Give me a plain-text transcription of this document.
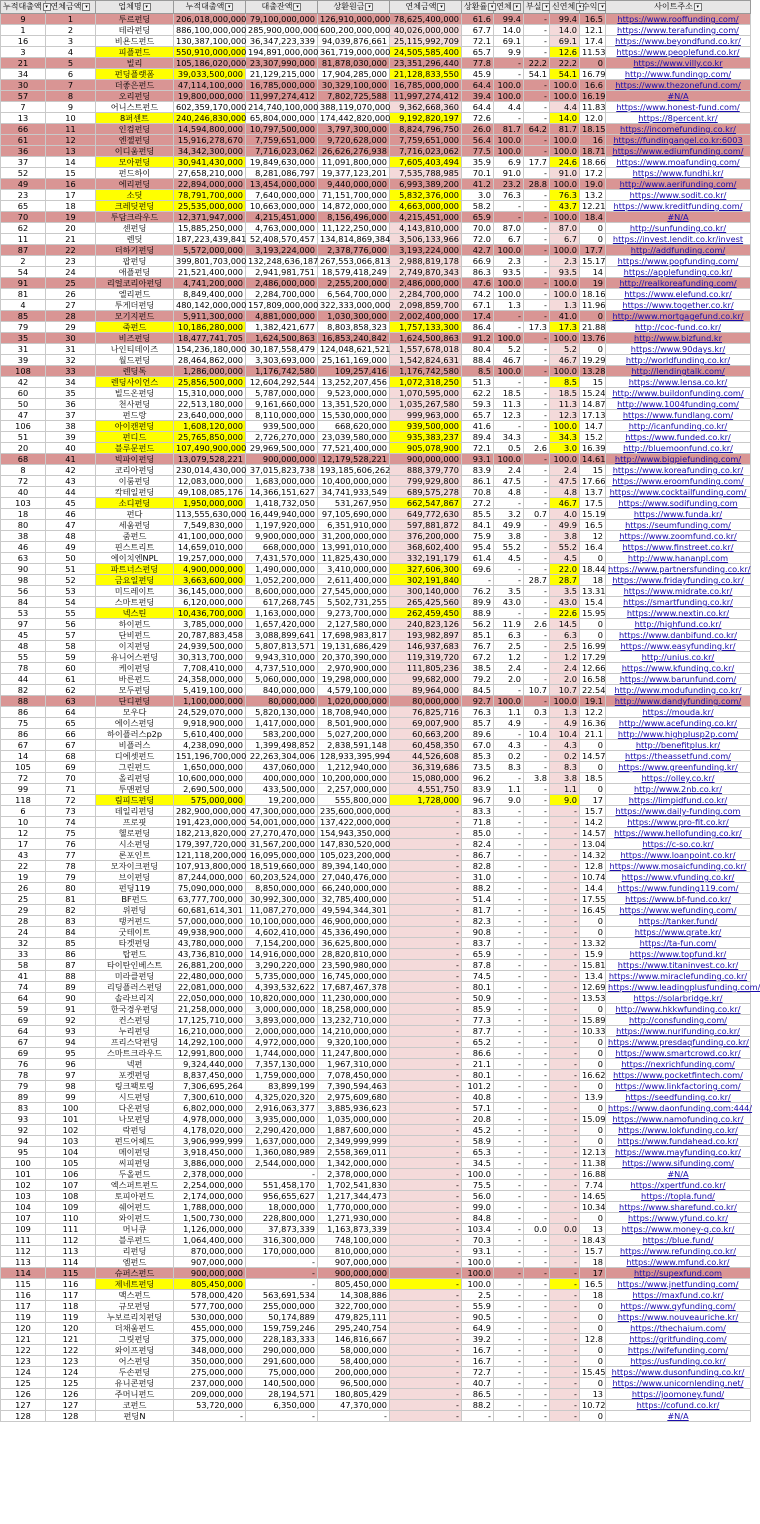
누적대출액 ▾	연체금액 ▾	업체명 ▾	누적대출액 ▾	대출잔액 ▾	상환원금 ▾	연체금액 ▾	상환률 ▾	연체 ▾	부실 ▾	신연체 ▾	수익 ▾	사이트주소 ▾
9	1	투르펀딩	206,018,000,000	79,100,000,000	126,910,000,000	78,625,400,000	61.6	99.4	-	99.4	16.5	https://www.rooffunding.com/
1	2	테라펀딩	886,100,000,000	285,900,000,000	600,200,000,000	40,026,000,000	67.7	14.0	-	14.0	12.1	https://www.terafunding.com/
16	3	비욘드펀드	130,387,100,000	36,347,223,339	94,039,876,661	25,115,992,709	72.1	69.1	-	69.1	17.4	https://www.beyondfund.co.kr/
3	4	피플펀드	550,910,000,000	194,891,000,000	361,719,000,000	24,505,585,400	65.7	9.9	-	12.6	11.53	https://www.peoplefund.co.kr/
21	5	빌리	105,186,020,000	23,307,990,000	81,878,030,000	23,351,296,440	77.8	-	22.2	22.2	0	https://www.villy.co.kr
34	6	펀딩플랫폼	39,033,500,000	21,129,215,000	17,904,285,000	21,128,833,550	45.9	-	54.1	54.1	16.79	http://www.fundingp.com/
30	7	더좋은펀드	47,114,100,000	16,785,000,000	30,329,100,000	16,785,000,000	64.4	100.0	-	100.0	16.6	https://www.thezonefund.com/
57	8	오리펀딩	19,800,000,000	11,997,274,412	7,802,725,588	11,997,274,412	39.4	100.0	-	100.0	16.19	#N/A
7	9	어니스트펀드	602,359,170,000	214,740,100,000	388,119,070,000	9,362,668,360	64.4	4.4	-	4.4	11.83	https://www.honest-fund.com/
13	10	8퍼센트	240,246,830,000	65,804,000,000	174,442,820,000	9,192,820,197	72.6	-	-	14.0	12.0	https://8percent.kr/
66	11	인컴펀딩	14,594,800,000	10,797,500,000	3,797,300,000	8,824,796,750	26.0	81.7	64.2	81.7	18.15	https://incomefunding.co.kr/
61	12	엔젤펀딩	15,916,278,670	7,759,651,000	9,720,628,000	7,759,651,000	56.4	100.0	-	100.0	16	https://fundingangel.co.kr:6003
36	13	이디움펀딩	34,342,300,000	7,716,023,062	26,626,276,938	7,716,023,062	77.5	100.0	-	100.0	18.71	https://www.ediumfunding.com/
37	14	모아펀딩	30,941,430,000	19,849,630,000	11,091,800,000	7,605,403,494	35.9	6.9	17.7	24.6	18.66	https://www.moafunding.com/
52	15	펀드하이	27,658,210,000	8,281,086,797	19,377,123,201	7,535,788,985	70.1	91.0	-	91.0	17.2	https://www.fundhi.kr/
49	16	에리펀딩	22,894,000,000	13,454,000,000	9,440,000,000	6,993,389,200	41.2	23.2	28.8	100.0	19.0	http://www.aerifunding.com/
23	17	소딧	78,791,700,000	7,640,000,000	71,151,700,000	5,832,376,000	3.0	76.3	-	76.3	13.2	https://www.sodit.co.kr/
65	18	크레딧펀딩	25,535,000,000	10,663,000,000	14,872,000,000	4,663,000,000	58.2	-	-	43.7	12.21	https://www.kreditfunding.com/
70	19	투담크라우드	12,371,947,000	4,215,451,000	8,156,496,000	4,215,451,000	65.9	-	-	100.0	18.4	#N/A
62	20	센펀딩	15,885,250,000	4,763,000,000	11,122,250,000	4,143,810,000	70.0	87.0	-	87.0	0	http://sunfunding.co.kr/
11	21	렌딧	187,223,439,841	52,408,570,457	134,814,869,384	3,506,133,966	72.0	6.7	-	6.7	0	https://invest.lendit.co.kr/invest
87	22	더하기펀딩	5,572,000,000	3,193,224,000	2,378,776,000	3,193,224,000	42.7	100.0	-	100.0	17.7	http://addfunding.com/
2	23	팝펀딩	399,801,703,000	132,248,636,187	267,553,066,813	2,988,819,178	66.9	2.3	-	2.3	15.17	https://www.popfunding.com/
54	24	애플펀딩	21,521,400,000	2,941,981,751	18,579,418,249	2,749,870,343	86.3	93.5	-	93.5	14	https://applefunding.co.kr/
91	25	리얼코리아펀딩	4,741,200,000	2,486,000,000	2,255,200,000	2,486,000,000	47.6	100.0	-	100.0	19	http://realkoreafunding.com/
81	26	엘리펀드	8,849,400,000	2,284,700,000	6,564,700,000	2,284,700,000	74.2	100.0	-	100.0	18.16	https://www.elefund.co.kr/
4	27	투게더펀딩	480,142,000,000	157,809,000,000	322,333,000,000	2,098,859,700	67.1	1.3	-	1.3	11.96	https://www.together.co.kr/
85	28	모기지펀드	5,911,300,000	4,881,000,000	1,030,300,000	2,002,400,000	17.4	-	-	41.0	0	http://www.mortgagefund.co.kr/
79	29	죽펀드	10,186,280,000	1,382,421,677	8,803,858,323	1,757,133,300	86.4	-	17.3	17.3	21.88	http://coc-fund.co.kr/
35	30	비즈펀딩	18,477,741,705	1,624,500,863	16,853,240,842	1,624,500,863	91.2	100.0	-	100.0	13.76	http://www.bizfund.kr
31	31	나인티데이즈	154,236,180,000	30,187,558,479	124,048,621,521	1,557,678,018	80.4	5.2	-	5.2	0	https://www.90days.kr/
39	32	월드펀딩	28,464,862,000	3,303,693,000	25,161,169,000	1,542,824,631	88.4	46.7	-	46.7	19.29	http://worldfunding.co.kr/
108	33	렌딩톡	1,286,000,000	1,176,742,580	109,257,416	1,176,742,580	8.5	100.0	-	100.0	13.28	http://lendingtalk.com/
42	34	렌딩사이언스	25,856,500,000	12,604,292,544	13,252,207,456	1,072,318,250	51.3	-	-	8.5	15	https://www.lensa.co.kr/
60	35	빌드온펀딩	15,310,000,000	5,787,000,000	9,523,000,000	1,070,595,000	62.2	18.5	-	18.5	15.24	http://www.buildonfunding.com/
50	36	천사펀딩	22,513,180,000	9,161,660,000	13,351,520,000	1,035,267,580	59.3	11.3	-	11.3	14.87	http://www.1004funding.com/
47	37	펀드랑	23,640,000,000	8,110,000,000	15,530,000,000	999,963,000	65.7	12.3	-	12.3	17.13	https://www.fundlang.com/
106	38	아이캔펀딩	1,608,120,000	939,500,000	668,620,000	939,500,000	41.6	-	-	100.0	14.7	http://icanfunding.co.kr/
51	39	펀디드	25,765,850,000	2,726,270,000	23,039,580,000	935,383,237	89.4	34.3	-	34.3	15.2	https://www.funded.co.kr/
20	40	블루문펀드	107,490,900,000	29,969,500,000	77,521,400,000	905,078,900	72.1	0.5	2.6	3.0	16.39	http://bluemoonfund.co.kr/
68	41	빅파이펀딩	13,079,528,221	900,000,000	12,179,528,221	900,000,000	93.1	100.0	-	100.0	14.61	http://www.bigpiefunding.com/
8	42	코리아펀딩	230,014,430,000	37,015,823,738	193,185,606,262	888,379,770	83.9	2.4	-	2.4	15	https://www.koreafunding.co.kr/
72	43	이룸펀딩	12,083,000,000	1,683,000,000	10,400,000,000	799,929,800	86.1	47.5	-	47.5	17.66	https://www.eroomfunding.com/
40	44	칵테일펀딩	49,108,085,176	14,366,151,627	34,741,933,549	689,575,278	70.8	4.8	-	4.8	13.7	https://www.cocktailfunding.com/
103	45	소디펀딩	1,950,000,000	1,418,732,050	531,267,950	662,547,867	27.2	-	-	46.7	17.5	https://www.sodifunding.com
18	46	펀다	113,555,630,000	16,449,940,000	97,105,690,000	649,772,630	85.5	3.2	0.7	4.0	15.19	https://www.funda.kr/
80	47	세움펀딩	7,549,830,000	1,197,920,000	6,351,910,000	597,881,872	84.1	49.9	-	49.9	16.5	https://seumfunding.com/
38	48	줌펀드	41,100,000,000	9,900,000,000	31,200,000,000	376,200,000	75.9	3.8	-	3.8	12	https://www.zoomfund.co.kr/
46	49	핀스트리트	14,659,010,000	668,000,000	13,991,010,000	368,602,400	95.4	55.2	-	55.2	16.4	https://www.finstreet.co.kr/
63	50	에이치엔NPL	19,257,000,000	7,431,570,000	11,825,430,000	332,191,179	61.4	4.5	-	4.5	0	http://www.hananpl.com
90	51	파트너스펀딩	4,900,000,000	1,490,000,000	3,410,000,000	327,606,300	69.6	-	-	22.0	18.44	https://www.partnersfunding.co.kr/
98	52	금요일펀딩	3,663,600,000	1,052,200,000	2,611,400,000	302,191,840	-	-	28.7	28.7	18	https://www.fridayfunding.co.kr/
56	53	미드레이트	36,145,000,000	8,600,000,000	27,545,000,000	300,140,000	76.2	3.5	-	3.5	13.31	https://www.midrate.co.kr/
84	54	스마트펀딩	6,120,000,000	617,268,745	5,502,731,255	265,425,560	89.9	43.0	-	43.0	15.4	https://smartfunding.co.kr/
53	55	넥스틴	10,436,700,000	1,163,000,000	9,273,700,000	262,459,450	88.9	-	-	22.6	15.95	https://www.nextin.co.kr/
97	56	하이펀드	3,785,000,000	1,657,420,000	2,127,580,000	240,823,126	56.2	11.9	2.6	14.5	0	http://highfund.co.kr/
45	57	단비펀드	20,787,883,458	3,088,899,641	17,698,983,817	193,982,897	85.1	6.3	-	6.3	0	https://www.danbifund.co.kr/
48	58	이지펀딩	24,939,500,000	5,807,813,571	19,131,686,429	146,937,683	76.7	2.5	-	2.5	16.99	https://www.easyfunding.kr/
55	59	유니어스펀딩	30,313,700,000	9,943,310,000	20,370,390,000	119,319,720	67.2	1.2	-	1.2	17.29	http://unius.co.kr/
78	60	케이펀딩	7,708,410,000	4,737,510,000	2,970,900,000	111,805,236	38.5	2.4	-	2.4	12.66	https://www.kfunding.co.kr/
44	61	바른펀드	24,358,000,000	5,060,000,000	19,298,000,000	99,682,000	79.2	2.0	-	2.0	16.58	https://www.barunfund.com/
82	62	모두펀딩	5,419,100,000	840,000,000	4,579,100,000	89,964,000	84.5	-	10.7	10.7	22.54	http://www.modufunding.co.kr/
88	63	단디펀딩	1,100,000,000	80,000,000	1,020,000,000	80,000,000	92.7	100.0	-	100.0	19.1	http://www.dandyfunding.com/
86	64	모우다	24,529,070,000	5,820,130,000	18,708,940,000	76,825,716	76.3	1.1	0.3	1.3	12.2	https://mouda.kr/
75	65	에이스펀딩	9,918,900,000	1,417,000,000	8,501,900,000	69,007,900	85.7	4.9	-	4.9	16.36	http://www.acefunding.co.kr/
86	66	하이플러스p2p	5,610,400,000	583,200,000	5,027,200,000	60,663,200	89.6	-	10.4	10.4	21.1	http://www.highplusp2p.com/
67	67	비플러스	4,238,090,000	1,399,498,852	2,838,591,148	60,458,350	67.0	4.3	-	4.3	0	http://benefitplus.kr/
14	68	디에셋펀드	151,196,700,000	22,263,304,006	128,933,395,994	44,526,608	85.3	0.2	-	0.2	14.57	https://theassetfund.com/
105	69	그린펀드	1,650,000,000	437,060,000	1,212,940,000	36,319,686	73.5	8.3	-	8.3	0	https://www.greenfunding.kr/
72	70	올리펀딩	10,600,000,000	400,000,000	10,200,000,000	15,080,000	96.2	-	3.8	3.8	18.5	https://olley.co.kr/
99	71	투맨펀딩	2,690,500,000	433,500,000	2,257,000,000	4,551,750	83.9	1.1	-	1.1	0	http://www.2nb.co.kr/
118	72	림피드펀딩	575,000,000	19,200,000	555,800,000	1,728,000	96.7	9.0	-	9.0	17	https://limpidfund.co.kr/
6	73	데일리펀딩	282,900,000,000	47,300,000,000	235,600,000,000	-	83.3	-	-	-	15.7	https://www.daily-funding.com
10	74	프로핏	191,423,000,000	54,001,000,000	137,422,000,000	-	71.8	-	-	-	14.2	https://www.pro-fit.co.kr/
12	75	헬로펀딩	182,213,820,000	27,270,470,000	154,943,350,000	-	85.0	-	-	-	14.57	https://www.hellofunding.co.kr/
17	76	시소펀딩	179,397,720,000	31,567,200,000	147,830,520,000	-	82.4	-	-	-	13.04	https://c-so.co.kr/
43	77	론포인트	121,118,200,000	16,095,000,000	105,023,200,000	-	86.7	-	-	-	14.32	https://www.loanpoint.co.kr/
22	78	모자이크펀딩	107,913,800,000	18,519,660,000	89,394,140,000	-	82.8	-	-	-	12.8	https://www.mosaicfunding.co.kr/
19	79	브이펀딩	87,244,000,000	60,203,524,000	27,040,476,000	-	31.0	-	-	-	10.74	https://www.vfunding.co.kr/
26	80	펀딩119	75,090,000,000	8,850,000,000	66,240,000,000	-	88.2	-	-	-	14.4	https://www.funding119.com/
25	81	BF펀드	63,777,700,000	30,992,300,000	32,785,400,000	-	51.4	-	-	-	17.55	https://www.bf-fund.co.kr/
29	82	위펀딩	60,681,614,301	11,087,270,000	49,594,344,301	-	81.7	-	-	-	16.45	https://www.wefunding.com/
28	83	탱커펀드	57,000,000,000	10,100,000,000	46,900,000,000	-	82.3	-	-	-	0	https://tanker.fund/
24	84	굿테이트	49,938,900,000	4,602,410,000	45,336,490,000	-	90.8	-	-	-	0	https://www.qrate.kr/
32	85	타겟펀딩	43,780,000,000	7,154,200,000	36,625,800,000	-	83.7	-	-	-	13.32	https://ta-fun.com/
33	86	탑펀드	43,736,810,000	14,916,000,000	28,820,810,000	-	65.9	-	-	-	15.9	https://www.topfund.kr/
58	87	타이탄인베스트	26,881,200,000	3,290,220,000	23,590,980,000	-	87.8	-	-	-	15.81	https://www.titaninvest.co.kr/
41	88	미라클펀딩	22,480,000,000	5,735,000,000	16,745,000,000	-	74.5	-	-	-	13.4	https://www.miraclefunding.co.kr/
74	89	리딩플러스펀딩	22,081,000,000	4,393,532,622	17,687,467,378	-	80.1	-	-	-	12.69	https://www.leadingplusfunding.com/
64	90	솔라브리지	22,050,000,000	10,820,000,000	11,230,000,000	-	50.9	-	-	-	13.53	https://solarbridge.kr/
59	91	한국경우펀딩	21,258,000,000	3,000,000,000	18,258,000,000	-	85.9	-	-	-	0	http://www.hkkwfunding.co.kr/
69	92	컨스펀딩	17,125,710,000	3,893,000,000	13,232,710,000	-	77.3	-	-	-	15.89	http://consfunding.com/
64	93	누리펀딩	16,210,000,000	2,000,000,000	14,210,000,000	-	87.7	-	-	-	10.33	https://www.nurifunding.co.kr/
67	94	프리스닥펀딩	14,292,100,000	4,972,000,000	9,320,100,000	-	65.2	-	-	-	0	https://www.presdaqfunding.co.kr/
69	95	스마트크라우드	12,991,800,000	1,744,000,000	11,247,800,000	-	86.6	-	-	-	0	https://www.smartcrowd.co.kr/
76	96	넥펀	9,324,440,000	7,357,130,000	1,967,310,000	-	21.1	-	-	-	0	https://nexrichfunding.com/
78	97	포켓펀딩	8,837,450,000	1,759,000,000	7,078,450,000	-	80.1	-	-	-	16.62	https://www.pocketfintech.com/
79	98	링크팩토링	7,306,695,264	83,899,199	7,390,594,463	-	101.2	-	-	-	0	https://www.linkfactoring.com/
89	99	시드펀딩	7,300,610,000	4,325,020,320	2,975,609,680	-	40.8	-	-	-	13.9	https://seedfunding.co.kr/
83	100	다온펀딩	6,802,000,000	2,916,063,377	3,885,936,623	-	57.1	-	-	-	0	https://www.daonfunding.com:444/
93	101	나모펀딩	4,978,000,000	3,935,000,000	1,035,000,000	-	20.8	-	-	-	15.09	https://www.namofunding.co.kr/
92	102	락펀딩	4,178,020,000	2,290,420,000	1,887,600,000	-	45.2	-	-	-	0	https://www.lokfunding.co.kr/
94	103	펀드어헤드	3,906,999,999	1,637,000,000	2,349,999,999	-	58.9	-	-	-	0	https://www.fundahead.co.kr/
95	104	메이펀딩	3,918,450,000	1,360,080,989	2,558,369,011	-	65.3	-	-	-	12.13	https://www.mayfunding.co.kr/
100	105	씨피펀딩	3,886,000,000	2,544,000,000	1,342,000,000	-	34.5	-	-	-	11.38	https://www.sifunding.com/
101	106	두올펀드	2,378,000,000	-	2,378,000,000	-	100.0	-	-	-	16.88	#N/A
102	107	엑스퍼트펀드	2,254,000,000	551,458,170	1,702,541,830	-	75.5	-	-	-	7.74	https://xpertfund.co.kr/
103	108	토피아펀드	2,174,000,000	956,655,627	1,217,344,473	-	56.0	-	-	-	14.65	https://topla.fund/
104	109	쉐어펀드	1,788,000,000	18,000,000	1,770,000,000	-	99.0	-	-	-	10.34	https://www.sharefund.co.kr/
107	110	와이펀드	1,500,730,000	228,800,000	1,271,930,000	-	84.8	-	-	-	0	https://www.yfund.co.kr/
109	111	머니큐	1,126,000,000	37,873,339	1,163,873,339	-	103.4	-	0.0	0.0	13	https://www.money-q.co.kr/
111	112	블루펀드	1,064,400,000	316,300,000	748,100,000	-	70.3	-	-	-	18.43	https://blue.fund/
112	113	리펀딩	870,000,000	170,000,000	810,000,000	-	93.1	-	-	-	15.7	https://www.refunding.co.kr/
113	114	엠펀드	907,000,000	-	907,000,000	-	100.0	-	-	-	18	https://www.mfund.co.kr/
114	115	슈퍼스펀드	900,000,000	-	900,000,000	-	100.0	-	-	-	17	http://supexfund.com
115	116	제네트펀딩	805,450,000	-	805,450,000	-	100.0	-	-	-	16.5	https://www.jnetfunding.com/
116	117	맥스펀드	578,000,420	563,691,534	14,308,886	-	2.5	-	-	-	18	https://maxfund.co.kr/
117	118	규모펀딩	577,700,000	255,000,000	322,700,000	-	55.9	-	-	-	0	https://www.qyfunding.com/
119	119	누보르리치펀딩	530,000,000	50,174,889	479,825,111	-	90.5	-	-	-	0	https://www.nouveauriche.kr/
120	120	더채움펀드	455,000,000	159,759,246	295,240,754	-	64.9	-	-	-	0	https://thechaium.com/
121	121	그릿펀딩	375,000,000	228,183,333	146,816,667	-	39.2	-	-	-	12.8	https://gritfunding.com/
122	122	와이프펀딩	348,000,000	290,000,000	58,000,000	-	16.7	-	-	-	0	https://wifefunding.com/
123	123	어스펀딩	350,000,000	291,600,000	58,400,000	-	16.7	-	-	-	0	https://usfunding.co.kr/
124	124	두손펀딩	275,000,000	75,000,000	200,000,000	-	72.7	-	-	-	15.45	https://www.dusonfunding.co.kr/
125	125	유니콘펀딩	237,000,000	140,500,000	96,500,000	-	40.7	-	-	-	0	https://www.unicornlending.net/
126	126	주머니펀드	209,000,000	28,194,571	180,805,429	-	86.5	-	-	-	13	https://joomoney.fund/
127	127	코펀드	53,720,000	6,350,000	47,370,000	-	88.2	-	-	-	10.72	https://cofund.co.kr/
128	128	펀딩N	-	-	-	-	-	-	-	-	0	#N/A
